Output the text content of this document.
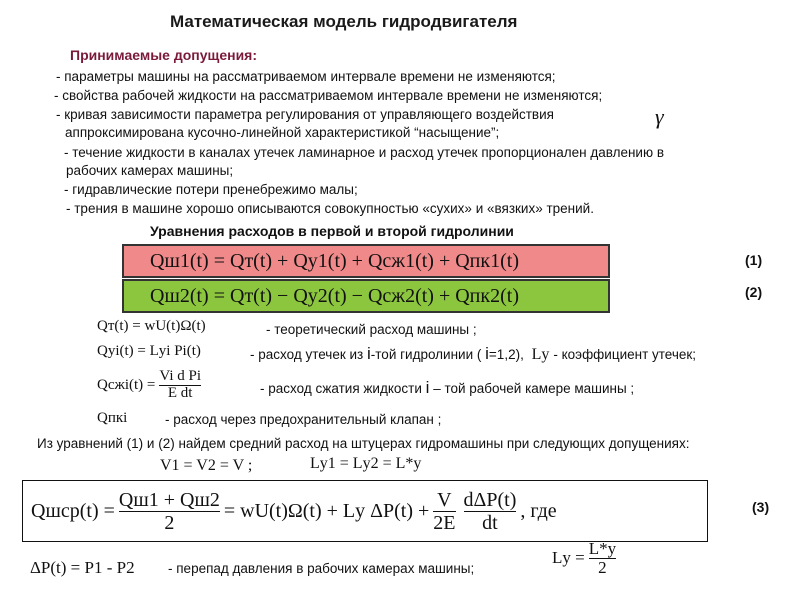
Математическая модель гидродвигателя
Принимаемые допущения:
- параметры машины на рассматриваемом интервале времени не изменяются;
- свойства рабочей жидкости на рассматриваемом интервале времени не изменяются;
- кривая зависимости параметра регулирования от управляющего воздействия	γ
аппроксимирована кусочно-линейной характеристикой “насыщение”;
- течение жидкости в каналах утечек ламинарное и расход утечек пропорционален давлению в
рабочих камерах машины;
- гидравлические потери пренебрежимо малы;
- трения в машине хорошо описываются совокупностью «сухих» и «вязких» трений.
Уравнения расходов в первой и второй гидролинии
Qш1(t) = Qт(t) + Qу1(t) + Qсж1(t) + Qпк1(t)	(1)
Qш2(t) = Qт(t) − Qу2(t) − Qсж2(t) + Qпк2(t)	(2)
Qт(t) = wU(t)Ω(t)	- теоретический расход машины ;
Qуi(t) = Lуi Pi(t)	- расход утечек из i-той гидролинии ( i=1,2), Lу - коэффициент утечек;
Qсжi(t) = $\frac{\text{Vi d Pi}}{\text{E dt}}$	- расход сжатия жидкости i – той рабочей камере машины ;
Qпкi	- расход через предохранительный клапан ;
Из уравнений (1) и (2) найдем средний расход на штуцерах гидромашины при следующих допущениях:
V1 = V2 = V ;	Lу1 = Lу2 = L*у
Qшср(t) = $\frac{Qш1 + Qш2}{2} = wU(t)\Omega(t)$ + Lу $\Delta P(t) + \frac{V}{2E} \frac{\text{dΔP(t)}}{dt}$ , где	(3)
ΔP(t) = P1 - P2 - перепад давления в рабочих камерах машины;
Lу = $\frac{L*у}{2}$
